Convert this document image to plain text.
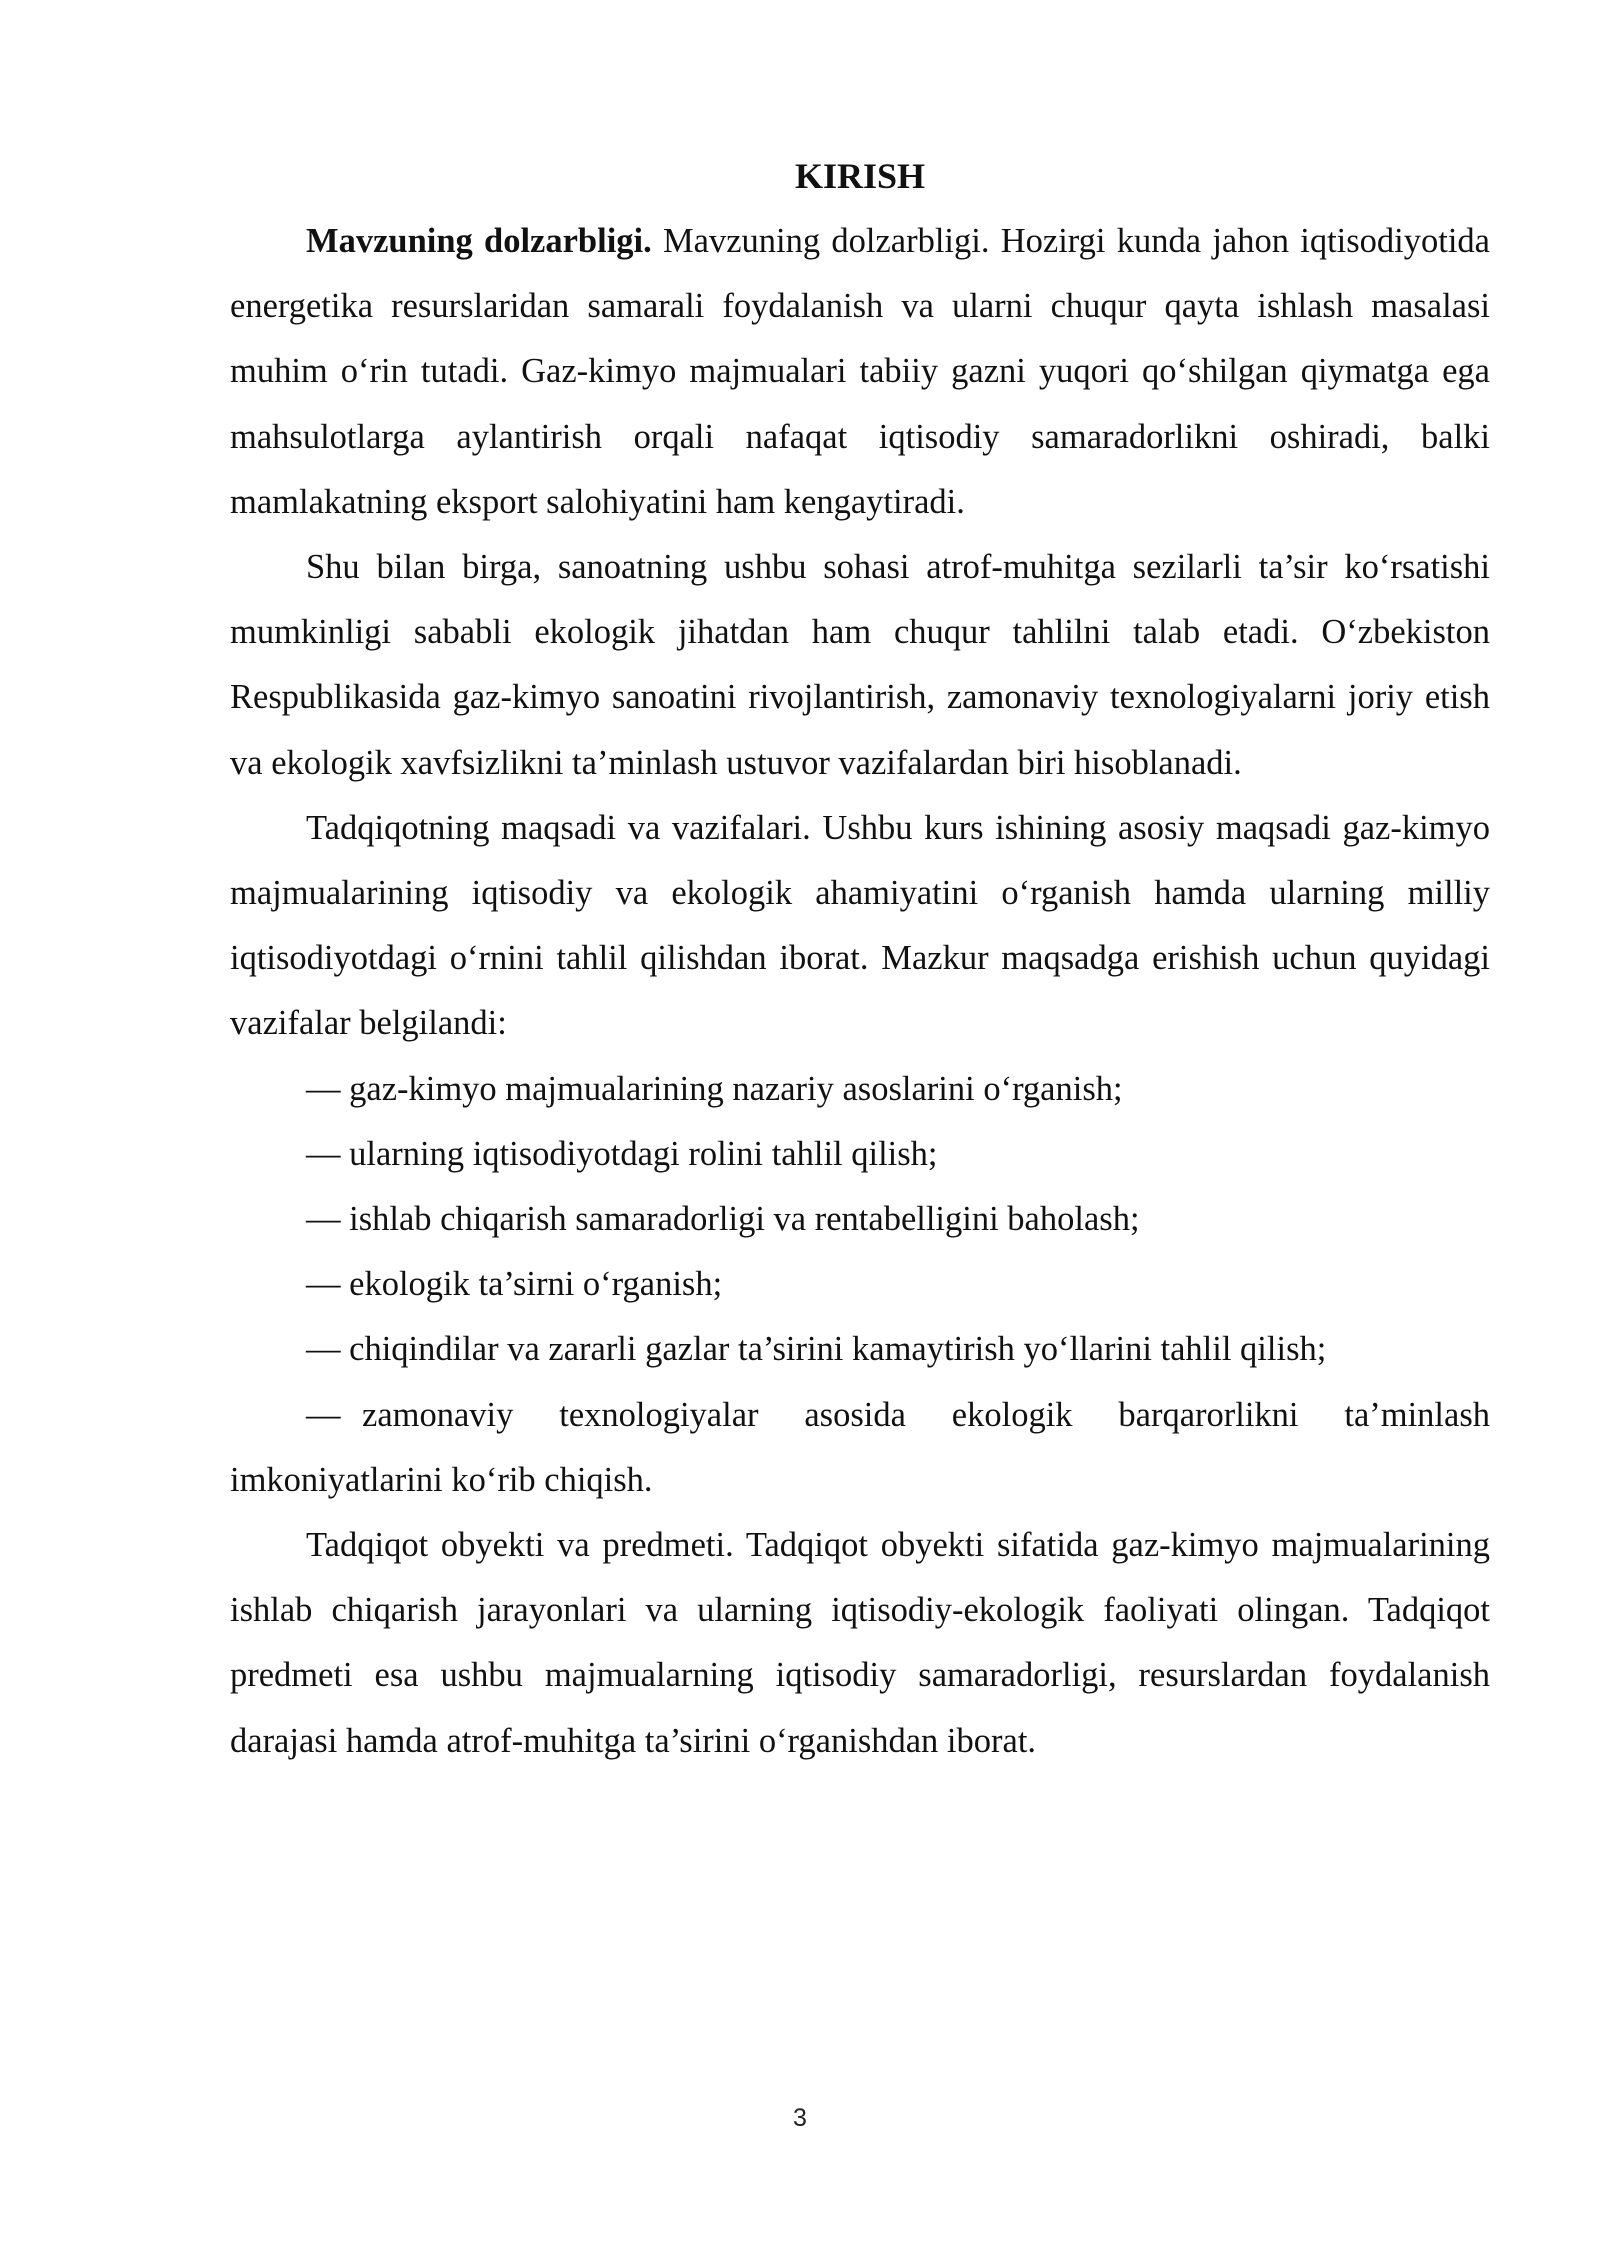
KIRISH

Mavzuning dolzarbligi. Mavzuning dolzarbligi. Hozirgi kunda jahon iqtisodiyotida energetika resurslaridan samarali foydalanish va ularni chuqur qayta ishlash masalasi muhim o‘rin tutadi. Gaz-kimyo majmualari tabiiy gazni yuqori qo‘shilgan qiymatga ega mahsulotlarga aylantirish orqali nafaqat iqtisodiy samaradorlikni oshiradi, balki mamlakatning eksport salohiyatini ham kengaytiradi.

Shu bilan birga, sanoatning ushbu sohasi atrof-muhitga sezilarli ta’sir ko‘rsatishi mumkinligi sababli ekologik jihatdan ham chuqur tahlilni talab etadi. O‘zbekiston Respublikasida gaz-kimyo sanoatini rivojlantirish, zamonaviy texnologiyalarni joriy etish va ekologik xavfsizlikni ta’minlash ustuvor vazifalardan biri hisoblanadi.

Tadqiqotning maqsadi va vazifalari. Ushbu kurs ishining asosiy maqsadi gaz-kimyo majmualarining iqtisodiy va ekologik ahamiyatini o‘rganish hamda ularning milliy iqtisodiyotdagi o‘rnini tahlil qilishdan iborat. Mazkur maqsadga erishish uchun quyidagi vazifalar belgilandi:

— gaz-kimyo majmualarining nazariy asoslarini o‘rganish;
— ularning iqtisodiyotdagi rolini tahlil qilish;
— ishlab chiqarish samaradorligi va rentabelligini baholash;
— ekologik ta’sirni o‘rganish;
— chiqindilar va zararli gazlar ta’sirini kamaytirish yo‘llarini tahlil qilish;
— zamonaviy texnologiyalar asosida ekologik barqarorlikni ta’minlash imkoniyatlarini ko‘rib chiqish.

Tadqiqot obyekti va predmeti. Tadqiqot obyekti sifatida gaz-kimyo majmualarining ishlab chiqarish jarayonlari va ularning iqtisodiy-ekologik faoliyati olingan. Tadqiqot predmeti esa ushbu majmualarning iqtisodiy samaradorligi, resurslardan foydalanish darajasi hamda atrof-muhitga ta’sirini o‘rganishdan iborat.

3
